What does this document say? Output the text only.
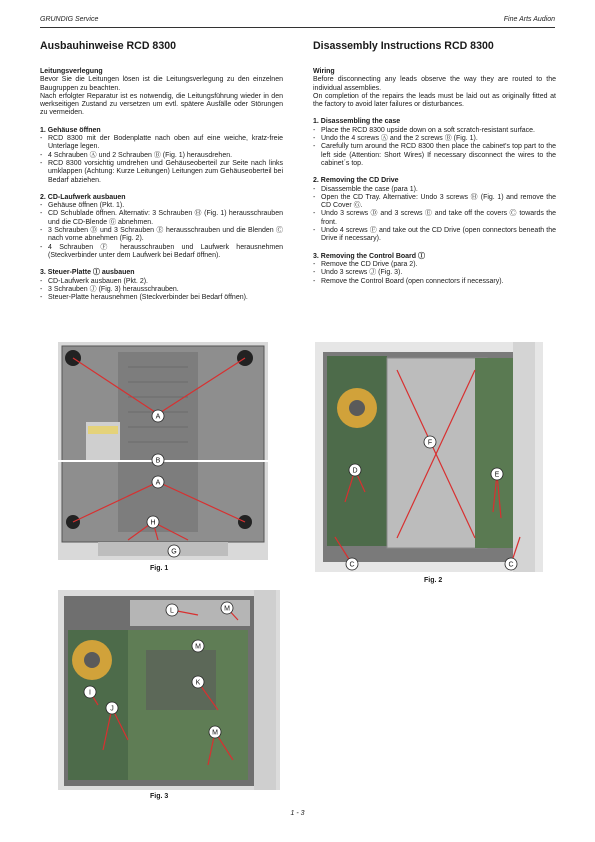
GRUNDIG Service	Fine Arts Audion
Ausbauhinweise RCD 8300
Leitungsverlegung

Bevor Sie die Leitungen lösen ist die Leitungsverlegung zu den einzelnen Baugruppen zu beachten.

Nach erfolgter Reparatur ist es notwendig, die Leitungsführung wieder in den werkseitigen Zustand zu versetzen um evtl. spätere Ausfälle oder Störungen zu vermeiden.

1. Gehäuse öffnen
- RCD 8300 mit der Bodenplatte nach oben auf eine weiche, kratz-freie Unterlage legen.
- 4 Schrauben Ⓐ und 2 Schrauben Ⓑ (Fig. 1) herausdrehen.
- RCD 8300 vorsichtig umdrehen und Gehäuseoberteil zur Seite nach links umklappen (Achtung: Kurze Leitungen) Leitungen zum Gehäuseoberteil bei Bedarf abziehen.
2. CD-Laufwerk ausbauen
- Gehäuse öffnen (Pkt. 1).
- CD Schublade öffnen. Alternativ: 3 Schrauben Ⓗ (Fig. 1) herausschrauben und die CD-Blende Ⓖ abnehmen.
- 3 Schrauben Ⓓ und 3 Schrauben Ⓔ herausschrauben und die Blenden Ⓒ nach vorne abnehmen (Fig. 2).
- 4 Schrauben Ⓕ herausschrauben und Laufwerk herausnehmen (Steckverbinder unter dem Laufwerk bei Bedarf öffnen).
3. Steuer-Platte Ⓘ ausbauen
- CD-Laufwerk ausbauen (Pkt. 2).
- 3 Schrauben Ⓙ (Fig. 3) herausschrauben.
- Steuer-Platte herausnehmen (Steckverbinder bei Bedarf öffnen).
Disassembly Instructions RCD 8300
Wiring

Before disconnecting any leads observe the way they are routed to the individual assemblies.

On completion of the repairs the leads must be laid out as originally fitted at the factory to avoid later failures or disturbances.

1. Disassembling the case
- Place the RCD 8300 upside down on a soft scratch-resistant surface.
- Undo the 4 screws Ⓐ and the 2 screws Ⓑ (Fig. 1).
- Carefully turn around the RCD 8300 then place the cabinet's top part to the left side (Attention: Short Wires) If necessary disconnect the wires to the cabinet´s top.
2. Removing the CD Drive
- Disassemble the case (para 1).
- Open the CD Tray. Alternative: Undo 3 screws Ⓗ (Fig. 1) and remove the CD Cover Ⓖ.
- Undo 3 screws Ⓓ and 3 screws Ⓔ and take off the covers Ⓒ towards the front.
- Undo 4 screws Ⓕ and take out the CD Drive (open connectors beneath the Drive if necessary).
3. Removing the Control Board Ⓘ
- Remove the CD Drive (para 2).
- Undo 3 screws Ⓙ (Fig. 3).
- Remove the Control Board (open connectors if necessary).
A
B
A
H
G
Fig. 1
F
D
E
C	C
Fig. 2
L	M
M
I
J
K
M
Fig. 3
1 - 3
